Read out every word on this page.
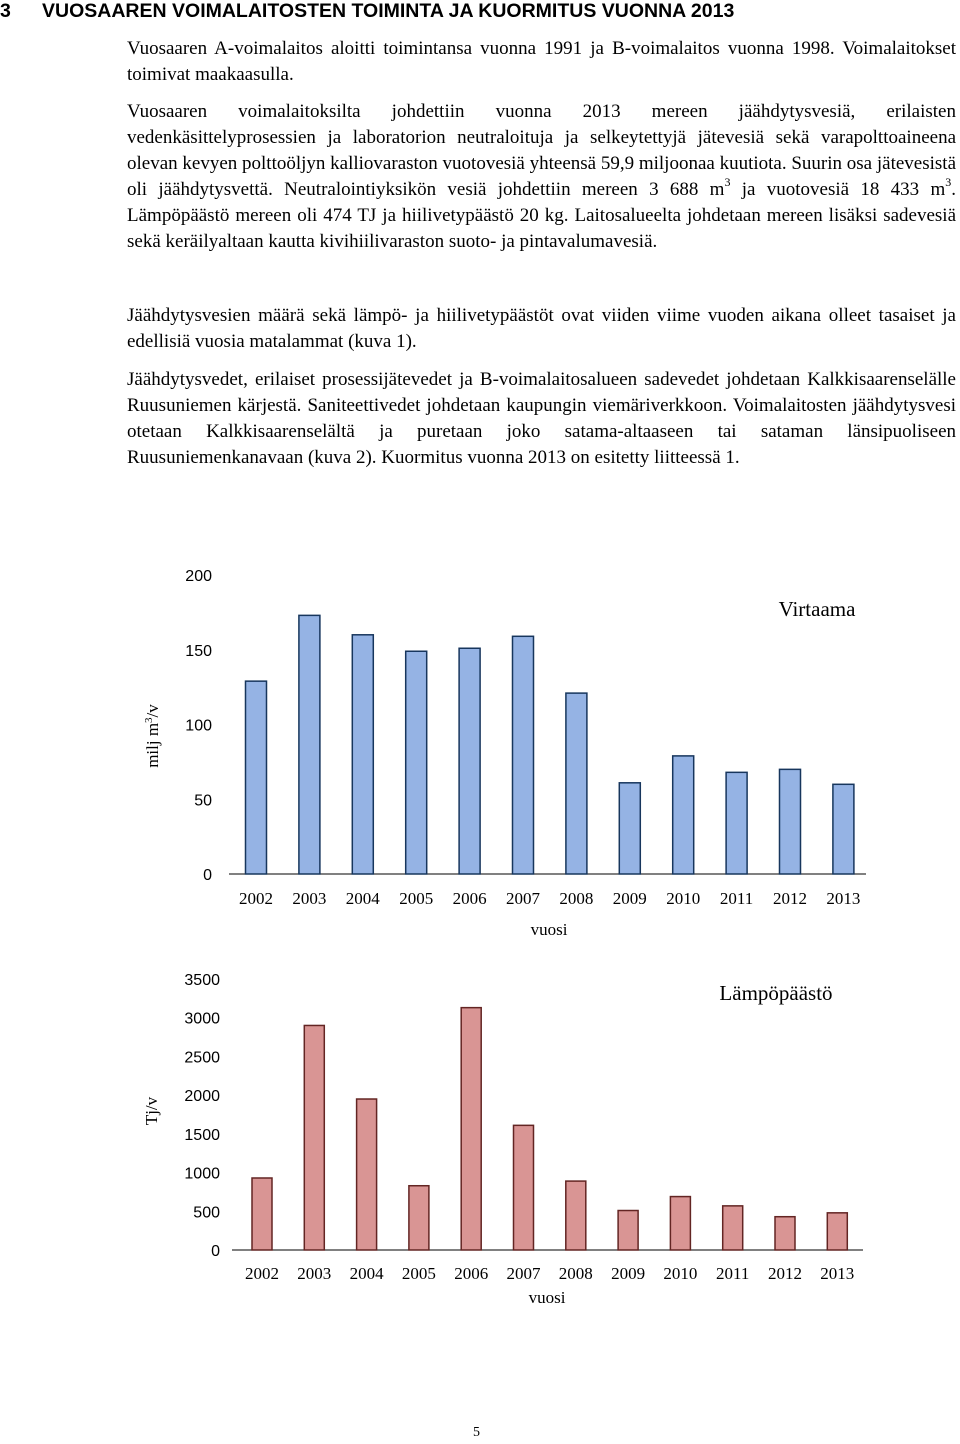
3 VUOSAAREN VOIMALAITOSTEN TOIMINTA JA KUORMITUS VUONNA 2013

Vuosaaren A-voimalaitos aloitti toimintansa vuonna 1991 ja B-voimalaitos vuonna 1998. Voimalaitokset toimivat maakaasulla.

Vuosaaren voimalaitoksilta johdettiin vuonna 2013 mereen jäähdytysvesiä, erilaisten vedenkäsittelyprosessien ja laboratorion neutraloituja ja selkeytettyjä jätevesiä sekä varapolttoaineena olevan kevyen polttoöljyn kalliovaraston vuotovesiä yhteensä 59,9 miljoonaa kuutiota. Suurin osa jätevesistä oli jäähdytysvettä. Neutralointiyksikön vesiä johdettiin mereen 3 688 $m^3$ ja vuotovesiä 18 433 $m^3$. Lämpöpäästö mereen oli 474 TJ ja hiilivetypäästö 20 kg. Laitosalueelta johdetaan mereen lisäksi sadevesiä sekä keräilyaltaan kautta kivihiilivaraston suoto- ja pintavalumavesiä.

Jäähdytysvesien määrä sekä lämpö- ja hiilivetypäästöt ovat viiden viime vuoden aikana olleet tasaiset ja edellisiä vuosia matalammat (kuva 1).

Jäähdytysvedet, erilaiset prosessijätevedet ja B-voimalaitosalueen sadevedet johdetaan Kalkkisaarenselälle Ruusuniemen kärjestä. Saniteettivedet johdetaan kaupungin viemäriverkkoon. Voimalaitosten jäähdytysvesi otetaan Kalkkisaarenselältä ja puretaan joko satama-altaaseen tai sataman länsipuoliseen Ruusuniemenkanavaan (kuva 2). Kuormitus vuonna 2013 on esitetty liitteessä 1.

0
50
100
150
200
2002 2003 2004 2005 2006 2007 2008 2009 2010 2011 2012 2013
vuosi
Virtaama
milj $m^3/v$
0
500
1000
1500
2000
2500
3000
3500
2002 2003 2004 2005 2006 2007 2008 2009 2010 2011 2012 2013
vuosi
Lämpöpäästö
Tj/v
5
